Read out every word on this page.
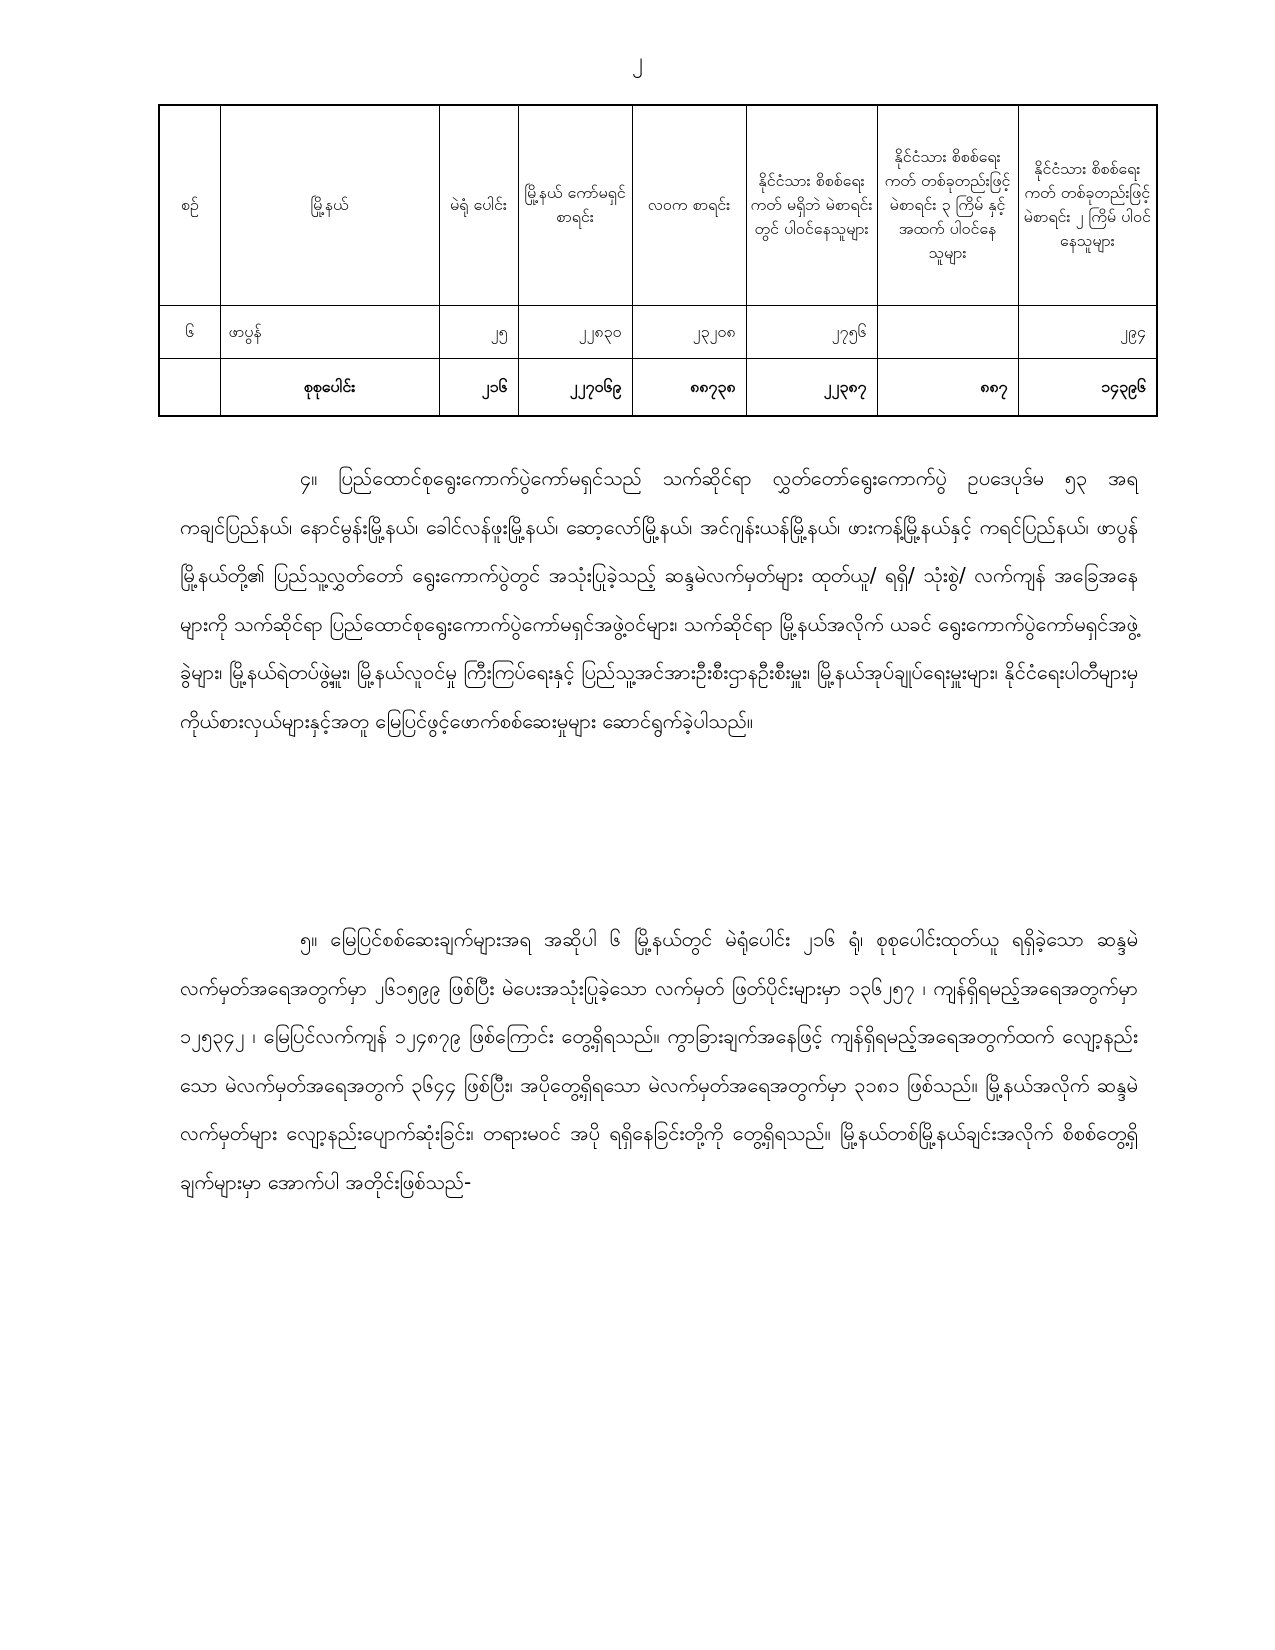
၂
စဉ်	မြို့နယ်	မဲရုံ ပေါင်း	မြို့နယ် ကော်မရှင် စာရင်း	လဝက စာရင်း	နိုင်ငံသား စိစစ်ရေးကတ် မရှိဘဲ မဲစာရင်းတွင် ပါဝင်နေသူများ	နိုင်ငံသား စိစစ်ရေးကတ် တစ်ခုတည်းဖြင့် မဲစာရင်း ၃ ကြိမ် နှင့်အထက် ပါဝင်နေသူများ	နိုင်ငံသား စိစစ်ရေးကတ် တစ်ခုတည်းဖြင့် မဲစာရင်း ၂ ကြိမ် ပါဝင်နေသူများ
၆	ဖာပွန်	၂၅	၂၂၈၃၀	၂၃၂၀၈	၂၇၅၆		၂၉၄
	စုစုပေါင်း	၂၁၆	၂၂၇၀၆၉	၈၈၇၃၈	၂၂၃၈၇	၈၈၇	၁၄၃၉၆

၄။ ပြည်ထောင်စုရွေးကောက်ပွဲကော်မရှင်သည် သက်ဆိုင်ရာ လွှတ်တော်ရွေးကောက်ပွဲ ဥပဒေပုဒ်မ ၅၃ အရ ကချင်ပြည်နယ်၊ နောင်မွန်းမြို့နယ်၊ ခေါင်လန်ဖူးမြို့နယ်၊ ဆော့လော်မြို့နယ်၊ အင်ဂျန်းယန်မြို့နယ်၊ ဖားကန့်မြို့နယ်နှင့် ကရင်ပြည်နယ်၊ ဖာပွန်မြို့နယ်တို့၏ ပြည်သူ့လွှတ်တော် ရွေးကောက်ပွဲတွင် အသုံးပြုခဲ့သည့် ဆန္ဒမဲလက်မှတ်များ ထုတ်ယူ/ ရရှိ/ သုံးစွဲ/ လက်ကျန် အခြေအနေများကို သက်ဆိုင်ရာ ပြည်ထောင်စုရွေးကောက်ပွဲကော်မရှင်အဖွဲ့ဝင်များ၊ သက်ဆိုင်ရာ မြို့နယ်အလိုက် ယခင် ရွေးကောက်ပွဲကော်မရှင်အဖွဲ့ခွဲများ၊ မြို့နယ်ရဲတပ်ဖွဲ့မှူး၊ မြို့နယ်လူဝင်မှု ကြီးကြပ်ရေးနှင့် ပြည်သူ့အင်အားဦးစီးဌာနဦးစီးမှူး၊ မြို့နယ်အုပ်ချုပ်ရေးမှူးများ၊ နိုင်ငံရေးပါတီများမှ ကိုယ်စားလှယ်များနှင့်အတူ မြေပြင်ဖွင့်ဖောက်စစ်ဆေးမှုများ ဆောင်ရွက်ခဲ့ပါသည်။

၅။ မြေပြင်စစ်ဆေးချက်များအရ အဆိုပါ ၆ မြို့နယ်တွင် မဲရုံပေါင်း ၂၁၆ ရုံ၊ စုစုပေါင်းထုတ်ယူ ရရှိခဲ့သော ဆန္ဒမဲလက်မှတ်အရေအတွက်မှာ ၂၆၁၅၉၉ ဖြစ်ပြီး မဲပေးအသုံးပြုခဲ့သော လက်မှတ် ဖြတ်ပိုင်းများမှာ ၁၃၆၂၅၇ ၊ ကျန်ရှိရမည့်အရေအတွက်မှာ ၁၂၅၃၄၂ ၊ မြေပြင်လက်ကျန် ၁၂၄၈၇၉ ဖြစ်ကြောင်း တွေ့ရှိရသည်။ ကွာခြားချက်အနေဖြင့် ကျန်ရှိရမည့်အရေအတွက်ထက် လျော့နည်းသော မဲလက်မှတ်အရေအတွက် ၃၆၄၄ ဖြစ်ပြီး၊ အပိုတွေ့ရှိရသော မဲလက်မှတ်အရေအတွက်မှာ ၃၁၈၁ ဖြစ်သည်။ မြို့နယ်အလိုက် ဆန္ဒမဲလက်မှတ်များ လျော့နည်းပျောက်ဆုံးခြင်း၊ တရားမဝင် အပို ရရှိနေခြင်းတို့ကို တွေ့ရှိရသည်။ မြို့နယ်တစ်မြို့နယ်ချင်းအလိုက် စိစစ်တွေ့ရှိချက်များမှာ အောက်ပါ အတိုင်းဖြစ်သည်-
